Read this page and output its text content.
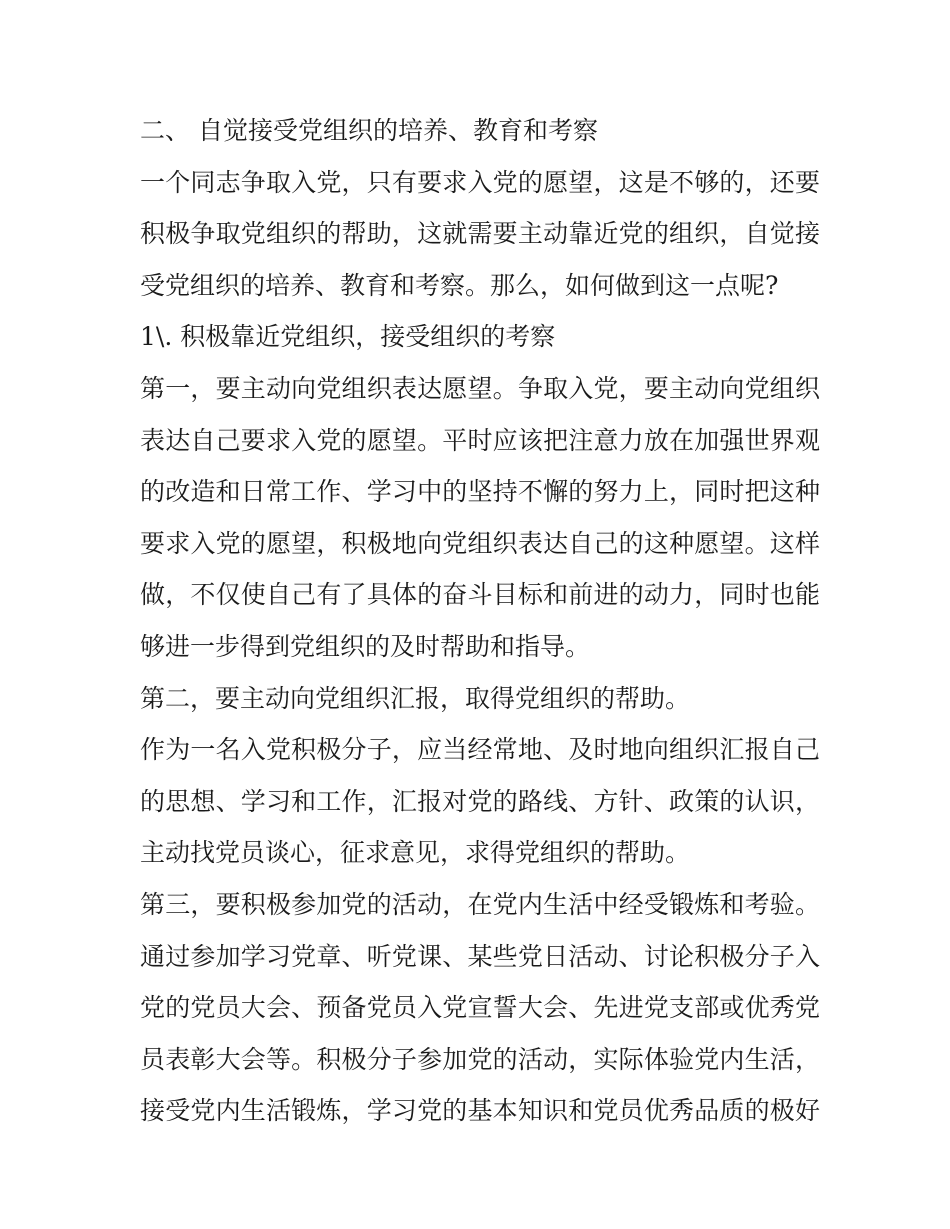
二、 自觉接受党组织的培养、教育和考察
一个同志争取入党，只有要求入党的愿望，这是不够的，还要
积极争取党组织的帮助，这就需要主动靠近党的组织，自觉接
受党组织的培养、教育和考察。那么，如何做到这一点呢?
1\. 积极靠近党组织，接受组织的考察
第一，要主动向党组织表达愿望。争取入党，要主动向党组织
表达自己要求入党的愿望。平时应该把注意力放在加强世界观
的改造和日常工作、学习中的坚持不懈的努力上，同时把这种
要求入党的愿望，积极地向党组织表达自己的这种愿望。这样
做，不仅使自己有了具体的奋斗目标和前进的动力，同时也能
够进一步得到党组织的及时帮助和指导。
第二，要主动向党组织汇报，取得党组织的帮助。
作为一名入党积极分子，应当经常地、及时地向组织汇报自己
的思想、学习和工作，汇报对党的路线、方针、政策的认识，
主动找党员谈心，征求意见，求得党组织的帮助。
第三，要积极参加党的活动，在党内生活中经受锻炼和考验。
通过参加学习党章、听党课、某些党日活动、讨论积极分子入
党的党员大会、预备党员入党宣誓大会、先进党支部或优秀党
员表彰大会等。积极分子参加党的活动，实际体验党内生活，
接受党内生活锻炼，学习党的基本知识和党员优秀品质的极好
